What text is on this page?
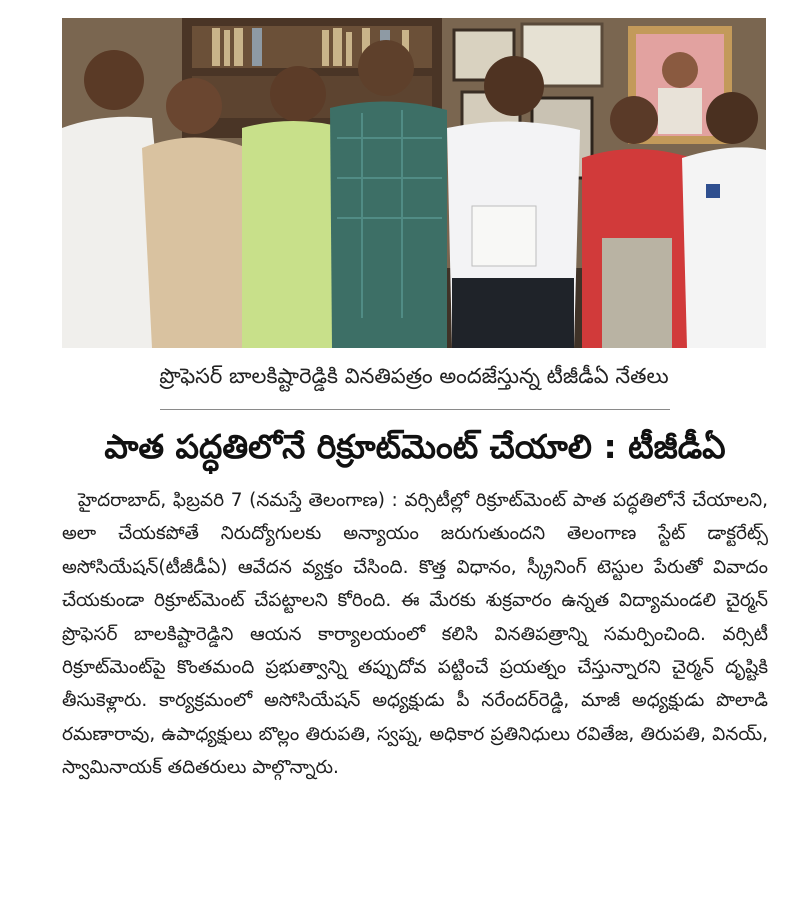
ప్రొఫెసర్ బాలకిష్టారెడ్డికి వినతిపత్రం అందజేస్తున్న టీజీడీఏ నేతలు
పాత పద్ధతిలోనే రిక్రూట్‌మెంట్ చేయాలి : టీజీడీఏ

హైదరాబాద్, ఫిబ్రవరి 7 (నమస్తే తెలంగాణ) : వర్సిటీల్లో రిక్రూట్‌మెంట్ పాత పద్ధతిలోనే చేయాలని, అలా చేయకపోతే నిరుద్యోగులకు అన్యాయం జరుగుతుందని తెలంగాణ స్టేట్ డాక్టరేట్స్ అసోసియేషన్(టీజీడీఏ) ఆవేదన వ్యక్తం చేసింది. కొత్త విధానం, స్క్రీనింగ్ టెస్టుల పేరుతో వివాదం చేయకుండా రిక్రూట్‌మెంట్ చేపట్టాలని కోరింది. ఈ మేరకు శుక్రవారం ఉన్నత విద్యామండలి చైర్మన్ ప్రొఫెసర్ బాలకిష్టారెడ్డిని ఆయన కార్యాలయంలో కలిసి వినతిపత్రాన్ని సమర్పించింది. వర్సిటీ రిక్రూట్‌మెంట్‌పై కొంతమంది ప్రభుత్వాన్ని తప్పుదోవ పట్టించే ప్రయత్నం చేస్తున్నారని చైర్మన్ దృష్టికి తీసుకెళ్లారు. కార్యక్రమంలో అసోసియేషన్ అధ్యక్షుడు పీ నరేందర్‌రెడ్డి, మాజీ అధ్యక్షుడు పొలాడి రమణారావు, ఉపాధ్యక్షులు బొల్లం తిరుపతి, స్వప్న, అధికార ప్రతినిధులు రవితేజ, తిరుపతి, వినయ్, స్వామినాయక్ తదితరులు పాల్గొన్నారు.
